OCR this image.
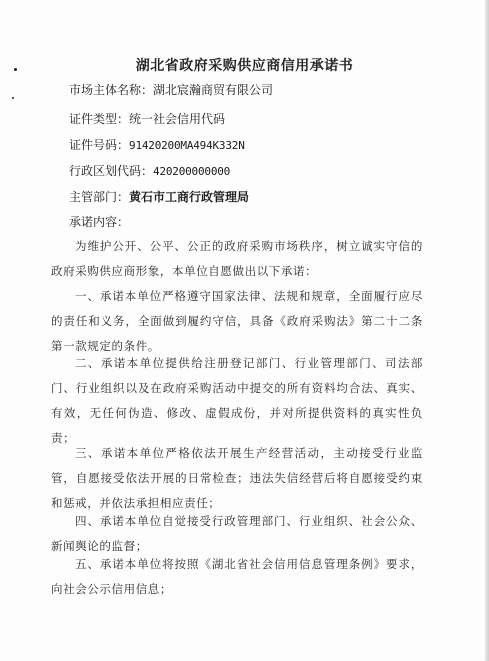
湖北省政府采购供应商信用承诺书
市场主体名称：湖北宸瀚商贸有限公司
证件类型：统一社会信用代码
证件号码：91420200MA494K332N
行政区划代码：420200000000
主管部门：黄石市工商行政管理局
承诺内容：

为维护公开、公平、公正的政府采购市场秩序，树立诚实守信的政府采购供应商形象，本单位自愿做出以下承诺：

一、承诺本单位严格遵守国家法律、法规和规章，全面履行应尽的责任和义务，全面做到履约守信，具备《政府采购法》第二十二条第一款规定的条件。

二、承诺本单位提供给注册登记部门、行业管理部门、司法部门、行业组织以及在政府采购活动中提交的所有资料均合法、真实、有效，无任何伪造、修改、虚假成份，并对所提供资料的真实性负责；

三、承诺本单位严格依法开展生产经营活动，主动接受行业监管，自愿接受依法开展的日常检查；违法失信经营后将自愿接受约束和惩戒，并依法承担相应责任；

四、承诺本单位自觉接受行政管理部门、行业组织、社会公众、新闻舆论的监督；

五、承诺本单位将按照《湖北省社会信用信息管理条例》要求，向社会公示信用信息；
